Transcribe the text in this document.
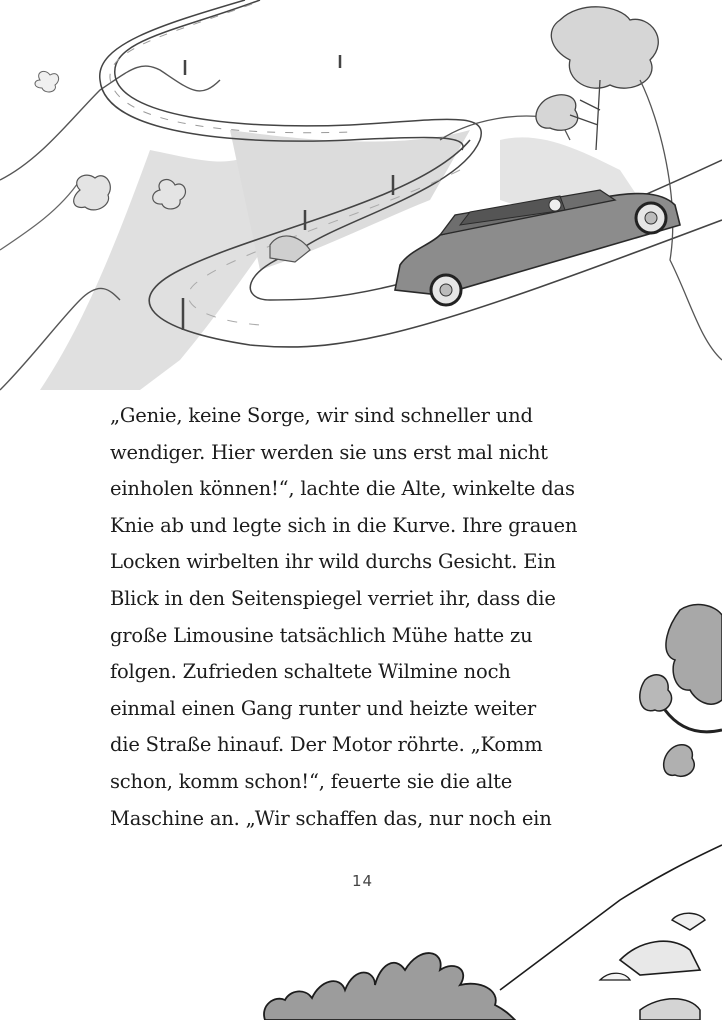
„Genie, keine Sorge, wir sind schneller und
wendiger. Hier werden sie uns erst mal nicht
einholen können!“, lachte die Alte, winkelte das
Knie ab und legte sich in die Kurve. Ihre grauen
Locken wirbelten ihr wild durchs Gesicht. Ein
Blick in den Seitenspiegel verriet ihr, dass die
große Limousine tatsächlich Mühe hatte zu
folgen. Zufrieden schaltete Wilmine noch
einmal einen Gang runter und heizte weiter
die Straße hinauf. Der Motor röhrte. „Komm
schon, komm schon!“, feuerte sie die alte
Maschine an. „Wir schaffen das, nur noch ein
14
